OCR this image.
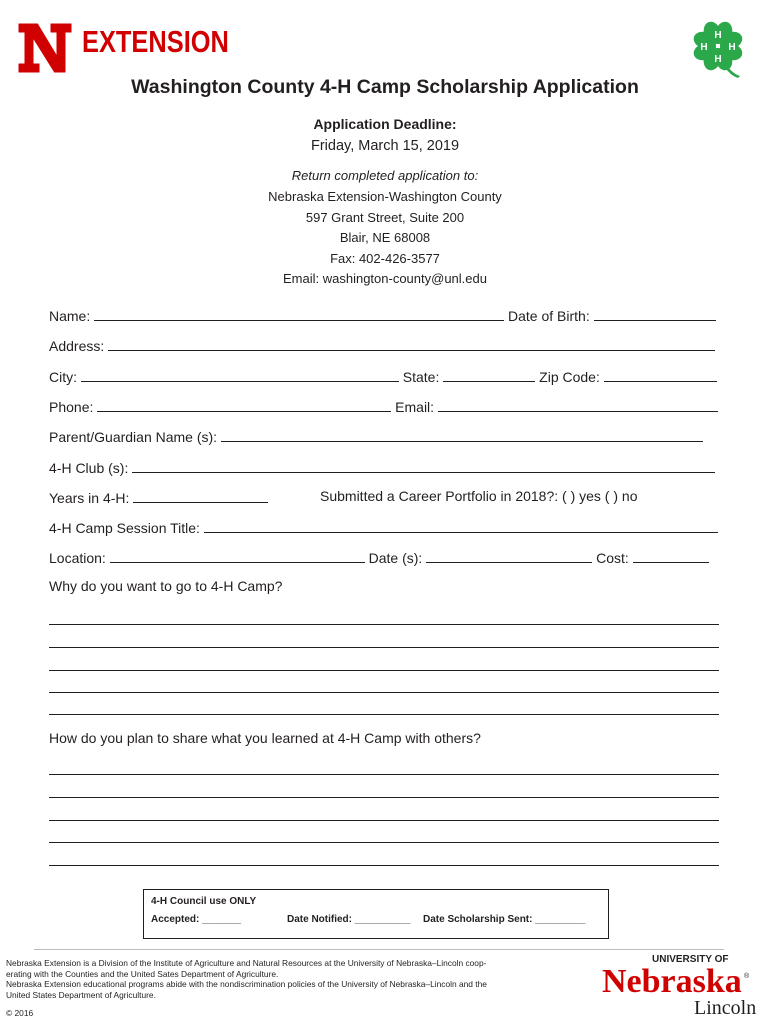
EXTENSION	H
H
H
H
Washington County 4-H Camp Scholarship Application
Application Deadline:
Friday, March 15, 2019
Return completed application to:
Nebraska Extension-Washington County
597 Grant Street, Suite 200
Blair, NE 68008
Fax: 402-426-3577
Email: washington-county@unl.edu
Name:	Date of Birth:
Address:
City:	State:	Zip Code:
Phone:	Email:
Parent/Guardian Name (s):
4-H Club (s):
Years in 4-H:	Submitted a Career Portfolio in 2018?: ( ) yes ( ) no
4-H Camp Session Title:
Location:	Date (s):	Cost:
Why do you want to go to 4-H Camp?
How do you plan to share what you learned at 4-H Camp with others?
4-H Council use ONLY
Accepted: _______	Date Notified: __________ Date Scholarship Sent: _________
Nebraska Extension is a Division of the Institute of Agriculture and Natural Resources at the University of Nebraska–Lincoln coop-
erating with the Counties and the United Sates Department of Agriculture.
Nebraska Extension educational programs abide with the nondiscrimination policies of the University of Nebraska–Lincoln and the
United States Department of Agriculture.
© 2016
UNIVERSITY OF
Nebraska ®
Lincoln
